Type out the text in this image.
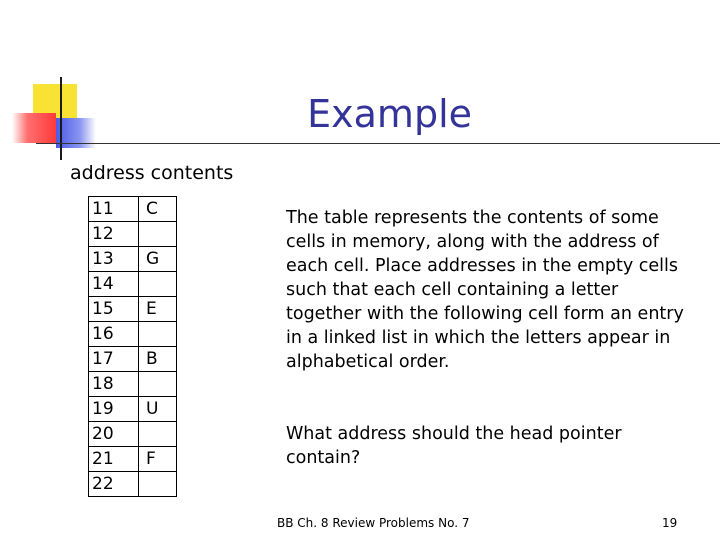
Example
address contents
11	C
12	
13	G
14	
15	E
16	
17	B
18	
19	U
20	
21	F
22	

The table represents the contents of some cells in memory, along with the address of each cell. Place addresses in the empty cells such that each cell containing a letter together with the following cell form an entry in a linked list in which the letters appear in alphabetical order.

What address should the head pointer contain?

BB Ch. 8 Review Problems No. 7	19
